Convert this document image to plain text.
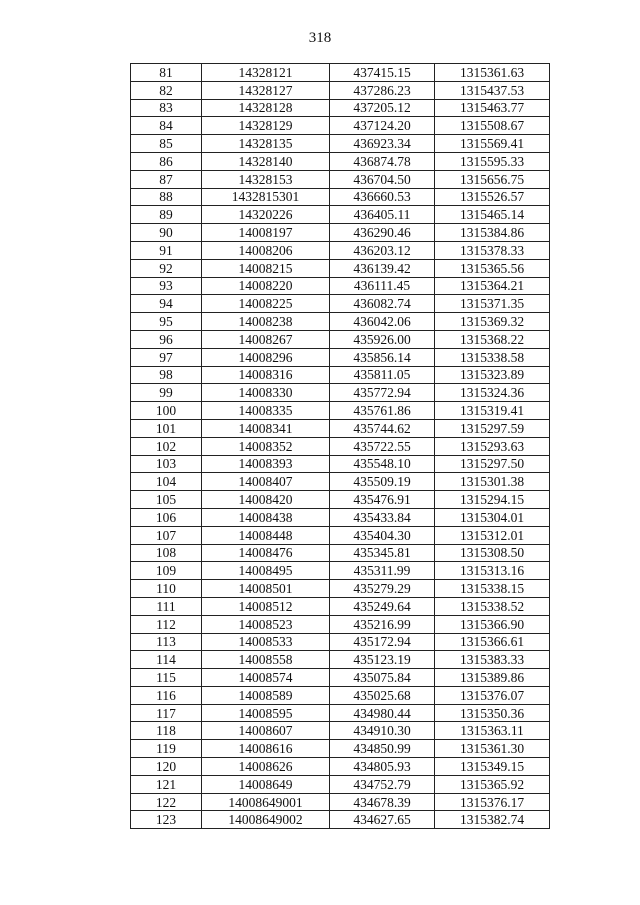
318
81	14328121	437415.15	1315361.63
82	14328127	437286.23	1315437.53
83	14328128	437205.12	1315463.77
84	14328129	437124.20	1315508.67
85	14328135	436923.34	1315569.41
86	14328140	436874.78	1315595.33
87	14328153	436704.50	1315656.75
88	1432815301	436660.53	1315526.57
89	14320226	436405.11	1315465.14
90	14008197	436290.46	1315384.86
91	14008206	436203.12	1315378.33
92	14008215	436139.42	1315365.56
93	14008220	436111.45	1315364.21
94	14008225	436082.74	1315371.35
95	14008238	436042.06	1315369.32
96	14008267	435926.00	1315368.22
97	14008296	435856.14	1315338.58
98	14008316	435811.05	1315323.89
99	14008330	435772.94	1315324.36
100	14008335	435761.86	1315319.41
101	14008341	435744.62	1315297.59
102	14008352	435722.55	1315293.63
103	14008393	435548.10	1315297.50
104	14008407	435509.19	1315301.38
105	14008420	435476.91	1315294.15
106	14008438	435433.84	1315304.01
107	14008448	435404.30	1315312.01
108	14008476	435345.81	1315308.50
109	14008495	435311.99	1315313.16
110	14008501	435279.29	1315338.15
111	14008512	435249.64	1315338.52
112	14008523	435216.99	1315366.90
113	14008533	435172.94	1315366.61
114	14008558	435123.19	1315383.33
115	14008574	435075.84	1315389.86
116	14008589	435025.68	1315376.07
117	14008595	434980.44	1315350.36
118	14008607	434910.30	1315363.11
119	14008616	434850.99	1315361.30
120	14008626	434805.93	1315349.15
121	14008649	434752.79	1315365.92
122	14008649001	434678.39	1315376.17
123	14008649002	434627.65	1315382.74
